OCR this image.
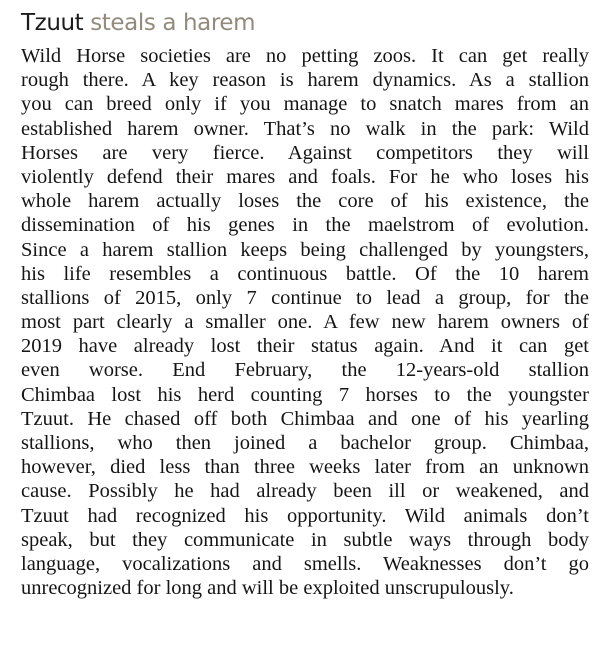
Tzuut steals a harem

Wild Horse societies are no petting zoos. It can get really
rough there. A key reason is harem dynamics. As a stallion
you can breed only if you manage to snatch mares from an
established harem owner. That’s no walk in the park: Wild
Horses are very fierce. Against competitors they will
violently defend their mares and foals. For he who loses his
whole harem actually loses the core of his existence, the
dissemination of his genes in the maelstrom of evolution.
Since a harem stallion keeps being challenged by youngsters,
his life resembles a continuous battle. Of the 10 harem
stallions of 2015, only 7 continue to lead a group, for the
most part clearly a smaller one. A few new harem owners of
2019 have already lost their status again. And it can get
even worse. End February, the 12-years-old stallion
Chimbaa lost his herd counting 7 horses to the youngster
Tzuut. He chased off both Chimbaa and one of his yearling
stallions, who then joined a bachelor group. Chimbaa,
however, died less than three weeks later from an unknown
cause. Possibly he had already been ill or weakened, and
Tzuut had recognized his opportunity. Wild animals don’t
speak, but they communicate in subtle ways through body
language, vocalizations and smells. Weaknesses don’t go
unrecognized for long and will be exploited unscrupulously.
